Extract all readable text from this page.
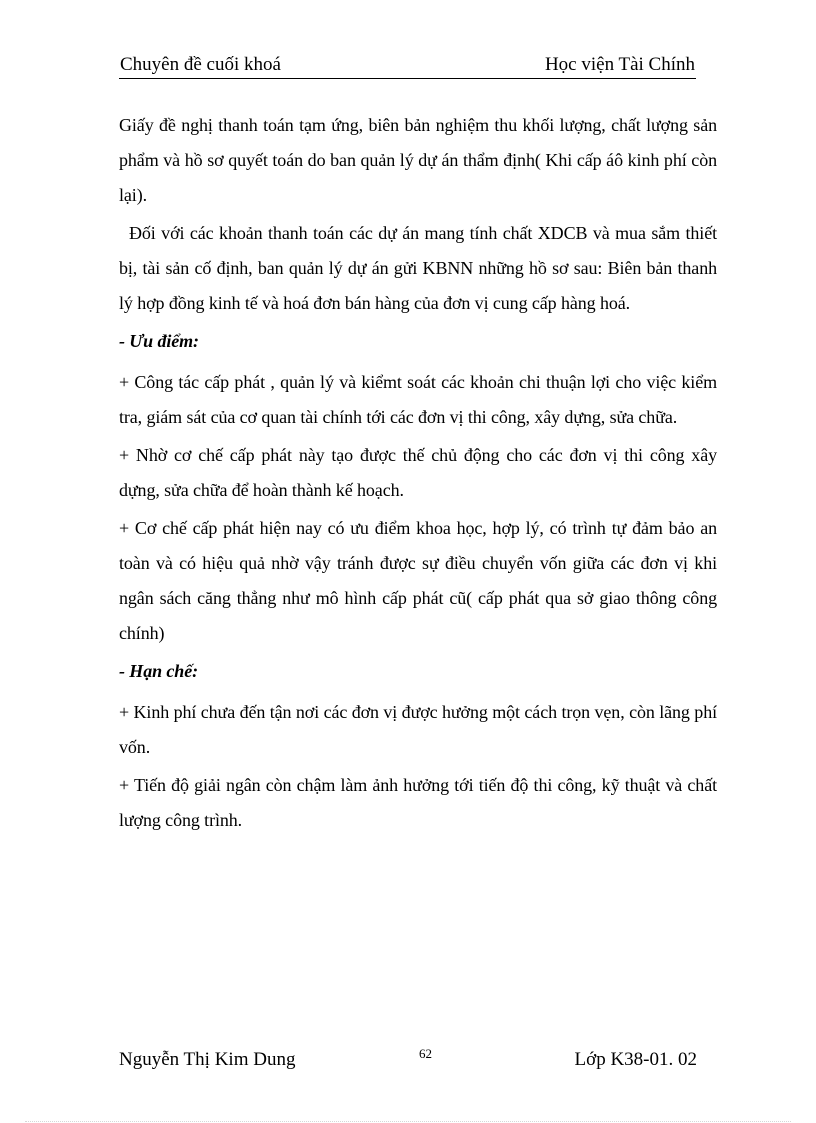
Chuyên đề cuối khoá	Học viện Tài Chính

Giấy đề nghị thanh toán tạm ứng, biên bản nghiệm thu khối lượng, chất lượng sản phẩm và hồ sơ quyết toán do ban quản lý dự án thẩm định( Khi cấp áô kinh phí còn lại).

Đối với các khoản thanh toán các dự án mang tính chất XDCB và mua sắm thiết bị, tài sản cố định, ban quản lý dự án gửi KBNN những hồ sơ sau: Biên bản thanh lý hợp đồng kinh tế và hoá đơn bán hàng của đơn vị cung cấp hàng hoá.

- Ưu điểm:

+ Công tác cấp phát , quản lý và kiểmt soát các khoản chi thuận lợi cho việc kiểm tra, giám sát của cơ quan tài chính tới các đơn vị thi công, xây dựng, sửa chữa.

+ Nhờ cơ chế cấp phát này tạo được thế chủ động cho các đơn vị thi công xây dựng, sửa chữa để hoàn thành kế hoạch.

+ Cơ chế cấp phát hiện nay có ưu điểm khoa học, hợp lý, có trình tự đảm bảo an toàn và có hiệu quả nhờ vậy tránh được sự điều chuyển vốn giữa các đơn vị khi ngân sách căng thẳng như mô hình cấp phát cũ( cấp phát qua sở giao thông công chính)

- Hạn chế:

+ Kinh phí chưa đến tận nơi các đơn vị được hưởng một cách trọn vẹn, còn lãng phí vốn.

+ Tiến độ giải ngân còn chậm làm ảnh hưởng tới tiến độ thi công, kỹ thuật và chất lượng công trình.

Nguyễn Thị Kim Dung	62	Lớp K38-01. 02
